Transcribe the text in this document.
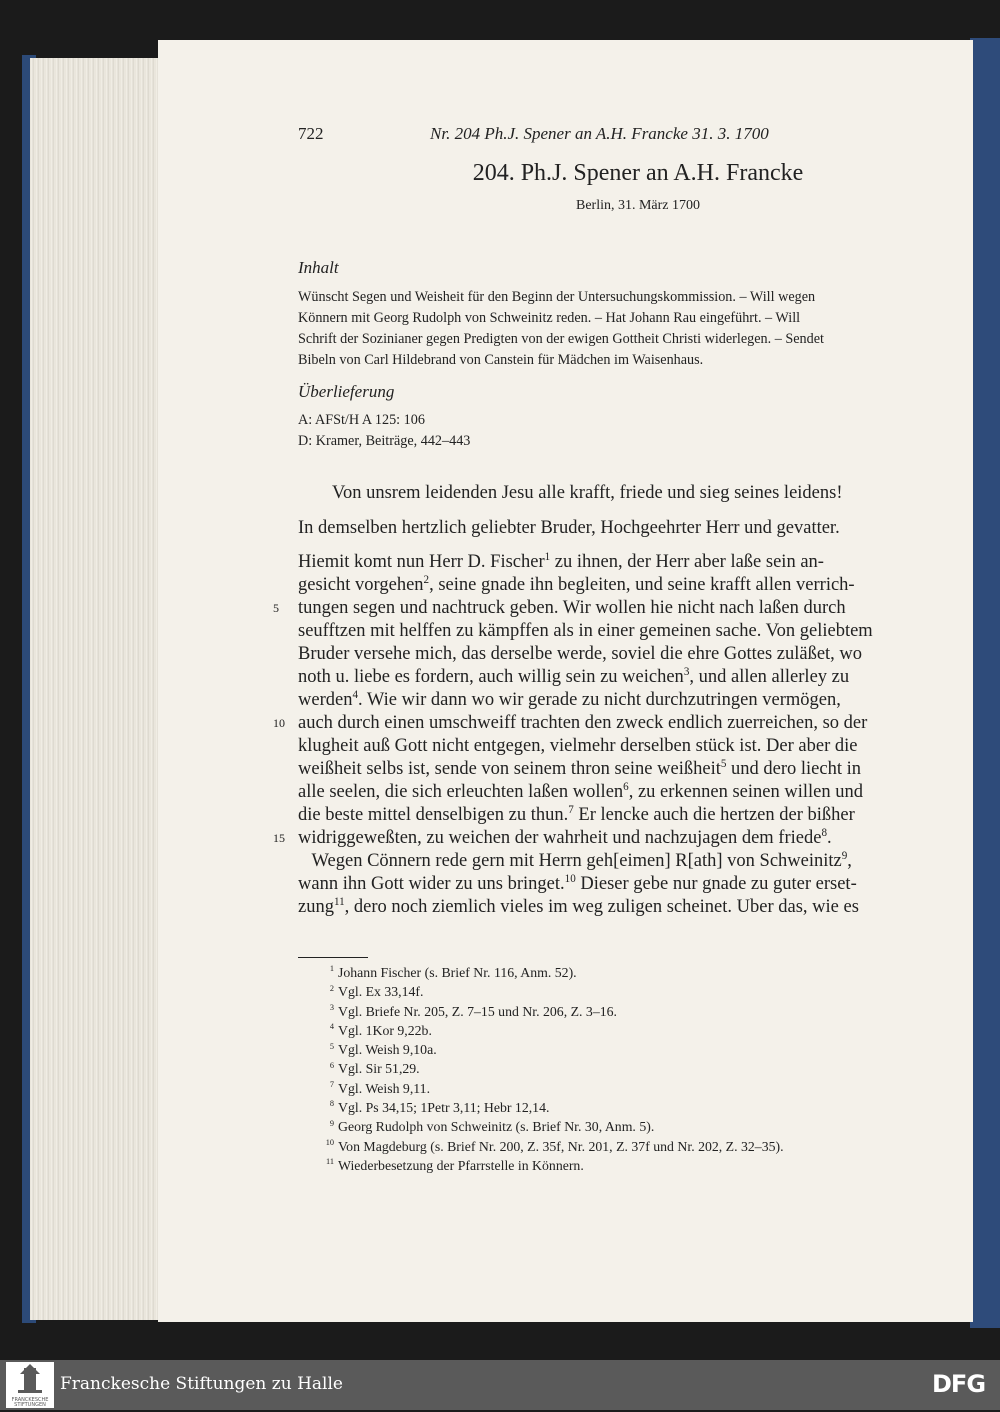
722	Nr. 204 Ph.J. Spener an A.H. Francke 31. 3. 1700
204. Ph.J. Spener an A.H. Francke
Berlin, 31. März 1700
Inhalt
Wünscht Segen und Weisheit für den Beginn der Untersuchungskommission. – Will wegen
Könnern mit Georg Rudolph von Schweinitz reden. – Hat Johann Rau eingeführt. – Will
Schrift der Sozinianer gegen Predigten von der ewigen Gottheit Christi widerlegen. – Sendet
Bibeln von Carl Hildebrand von Canstein für Mädchen im Waisenhaus.
Überlieferung
A: AFSt/H A 125: 106
D: Kramer, Beiträge, 442–443
Von unsrem leidenden Jesu alle krafft, friede und sieg seines leidens!
In demselben hertzlich geliebter Bruder, Hochgeehrter Herr und gevatter.
Hiemit komt nun Herr D. Fischer$^1$ zu ihnen, der Herr aber laße sein an-
gesicht vorgehen$^2$, seine gnade ihn begleiten, und seine krafft allen verrich-
5 tungen segen und nachtruck geben. Wir wollen hie nicht nach laßen durch
seufftzen mit helffen zu kämpffen als in einer gemeinen sache. Von geliebtem
Bruder versehe mich, das derselbe werde, soviel die ehre Gottes zuläßet, wo
noth u. liebe es fordern, auch willig sein zu weichen$^3$, und allen allerley zu
werden$^4$. Wie wir dann wo wir gerade zu nicht durchzutringen vermögen,
10 auch durch einen umschweiff trachten den zweck endlich zuerreichen, so der
klugheit auß Gott nicht entgegen, vielmehr derselben stück ist. Der aber die
weißheit selbs ist, sende von seinem thron seine weißheit$^5$ und dero liecht in
alle seelen, die sich erleuchten laßen wollen$^6$, zu erkennen seinen willen und
die beste mittel denselbigen zu thun.$^7$ Er lencke auch die hertzen der bißher
15 widriggeweßten, zu weichen der wahrheit und nachzujagen dem friede$^8$.
Wegen Cönnern rede gern mit Herrn geh[eimen] R[ath] von Schweinitz$^9$,
wann ihn Gott wider zu uns bringet.$^{10}$ Dieser gebe nur gnade zu guter erset-
zung$^{11}$, dero noch ziemlich vieles im weg zuligen scheinet. Uber das, wie es
$^1$ Johann Fischer (s. Brief Nr. 116, Anm. 52).
$^2$ Vgl. Ex 33,14f.
$^3$ Vgl. Briefe Nr. 205, Z. 7–15 und Nr. 206, Z. 3–16.
$^4$ Vgl. 1Kor 9,22b.
$^5$ Vgl. Weish 9,10a.
$^6$ Vgl. Sir 51,29.
$^7$ Vgl. Weish 9,11.
$^8$ Vgl. Ps 34,15; 1Petr 3,11; Hebr 12,14.
$^9$ Georg Rudolph von Schweinitz (s. Brief Nr. 30, Anm. 5).
$^{10}$ Von Magdeburg (s. Brief Nr. 200, Z. 35f, Nr. 201, Z. 37f und Nr. 202, Z. 32–35).
$^{11}$ Wiederbesetzung der Pfarrstelle in Könnern.
FRANCKESCHE
STIFTUNGEN
Franckesche Stiftungen zu Halle	DFG
